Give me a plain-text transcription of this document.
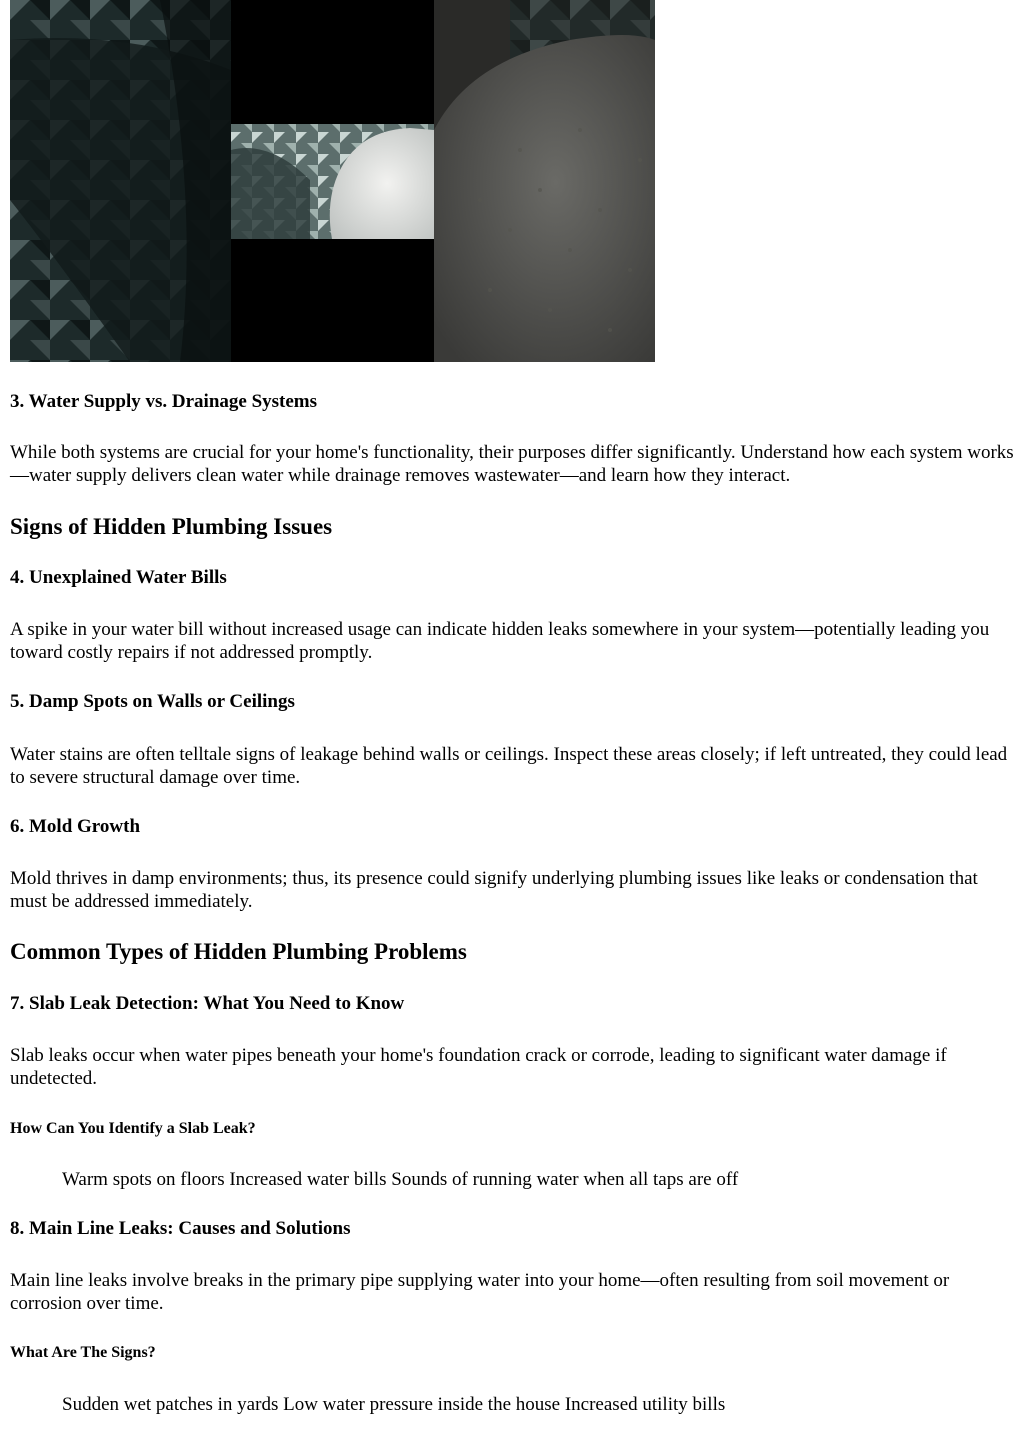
3. Water Supply vs. Drainage Systems

While both systems are crucial for your home's functionality, their purposes differ significantly. Understand how each system works—water supply delivers clean water while drainage removes wastewater—and learn how they interact.

Signs of Hidden Plumbing Issues
4. Unexplained Water Bills

A spike in your water bill without increased usage can indicate hidden leaks somewhere in your system—potentially leading you toward costly repairs if not addressed promptly.

5. Damp Spots on Walls or Ceilings

Water stains are often telltale signs of leakage behind walls or ceilings. Inspect these areas closely; if left untreated, they could lead to severe structural damage over time.

6. Mold Growth

Mold thrives in damp environments; thus, its presence could signify underlying plumbing issues like leaks or condensation that must be addressed immediately.

Common Types of Hidden Plumbing Problems
7. Slab Leak Detection: What You Need to Know

Slab leaks occur when water pipes beneath your home's foundation crack or corrode, leading to significant water damage if undetected.

How Can You Identify a Slab Leak?

Warm spots on floors Increased water bills Sounds of running water when all taps are off

8. Main Line Leaks: Causes and Solutions

Main line leaks involve breaks in the primary pipe supplying water into your home—often resulting from soil movement or corrosion over time.

What Are The Signs?

Sudden wet patches in yards Low water pressure inside the house Increased utility bills
